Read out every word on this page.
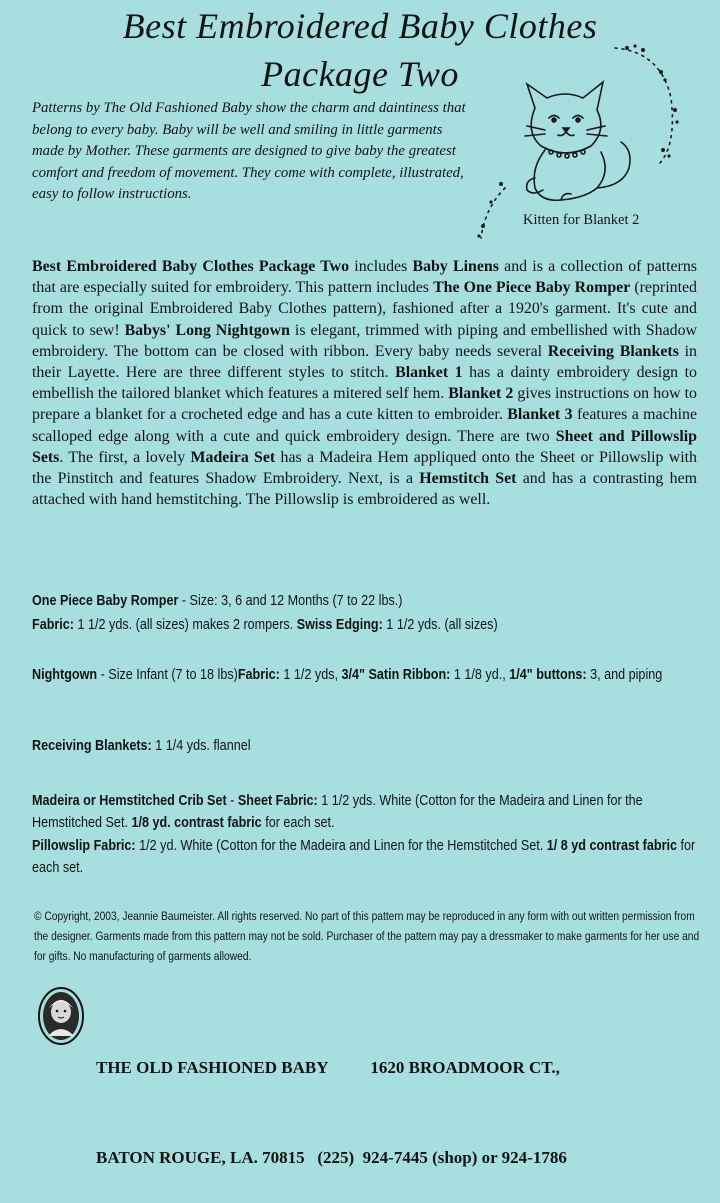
Best Embroidered Baby Clothes
Package Two
Patterns by The Old Fashioned Baby show the charm and daintiness that belong to every baby. Baby will be well and smiling in little garments made by Mother. These garments are designed to give baby the greatest comfort and freedom of movement. They come with complete, illustrated, easy to follow instructions.
Kitten for Blanket 2
Best Embroidered Baby Clothes Package Two includes Baby Linens and is a collection of patterns that are especially suited for embroidery. This pattern includes The One Piece Baby Romper (reprinted from the original Embroidered Baby Clothes pattern), fashioned after a 1920's garment. It's cute and quick to sew! Babys' Long Nightgown is elegant, trimmed with piping and embellished with Shadow embroidery. The bottom can be closed with ribbon. Every baby needs several Receiving Blankets in their Layette. Here are three different styles to stitch. Blanket 1 has a dainty embroidery design to embellish the tailored blanket which features a mitered self hem. Blanket 2 gives instructions on how to prepare a blanket for a crocheted edge and has a cute kitten to embroider. Blanket 3 features a machine scalloped edge along with a cute and quick embroidery design. There are two Sheet and Pillowslip Sets. The first, a lovely Madeira Set has a Madeira Hem appliqued onto the Sheet or Pillowslip with the Pinstitch and features Shadow Embroidery. Next, is a Hemstitch Set and has a contrasting hem attached with hand hemstitching. The Pillowslip is embroidered as well.
One Piece Baby Romper - Size: 3, 6 and 12 Months (7 to 22 lbs.)
Fabric: 1 1/2 yds. (all sizes) makes 2 rompers. Swiss Edging: 1 1/2 yds. (all sizes)
Nightgown - Size Infant (7 to 18 lbs)Fabric: 1 1/2 yds, 3/4" Satin Ribbon: 1 1/8 yd., 1/4" buttons: 3, and piping
Receiving Blankets: 1 1/4 yds. flannel
Madeira or Hemstitched Crib Set - Sheet Fabric: 1 1/2 yds. White (Cotton for the Madeira and Linen for the Hemstitched Set. 1/8 yd. contrast fabric for each set.
Pillowslip Fabric: 1/2 yd. White (Cotton for the Madeira and Linen for the Hemstitched Set. 1/ 8 yd contrast fabric for each set.
© Copyright, 2003, Jeannie Baumeister. All rights reserved. No part of this pattern may be reproduced in any form with out written permission from the designer. Garments made from this pattern may not be sold. Purchaser of the pattern may pay a dressmaker to make garments for her use and for gifts. No manufacturing of garments allowed.

THE OLD FASHIONED BABY          1620 BROADMOOR CT.,

BATON ROUGE, LA. 70815   (225)  924-7445 (shop) or 924-1786
